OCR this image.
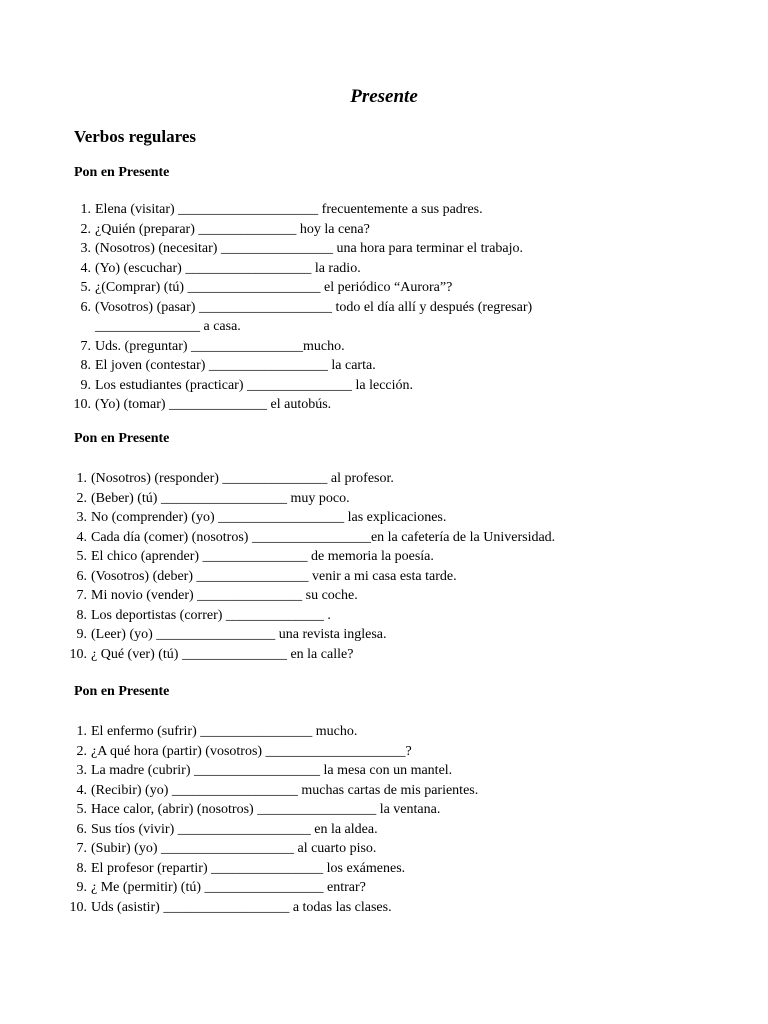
Presente
Verbos regulares
Pon en Presente
1. Elena (visitar) ____________________ frecuentemente a sus padres.
2. ¿Quién (preparar) ______________ hoy la cena?
3. (Nosotros) (necesitar) ________________ una hora para terminar el trabajo.
4. (Yo) (escuchar) __________________ la radio.
5. ¿(Comprar) (tú) ___________________ el periódico “Aurora”?
6. (Vosotros) (pasar) ___________________ todo el día allí y después (regresar)
_______________ a casa.
7. Uds. (preguntar) ________________mucho.
8. El joven (contestar) _________________ la carta.
9. Los estudiantes (practicar) _______________ la lección.
10. (Yo) (tomar) ______________ el autobús.
Pon en Presente
1. (Nosotros) (responder) _______________ al profesor.
2. (Beber) (tú) __________________ muy poco.
3. No (comprender) (yo) __________________ las explicaciones.
4. Cada día (comer) (nosotros) _________________en la cafetería de la Universidad.
5. El chico (aprender) _______________ de memoria la poesía.
6. (Vosotros) (deber) ________________ venir a mi casa esta tarde.
7. Mi novio (vender) _______________ su coche.
8. Los deportistas (correr) ______________ .
9. (Leer) (yo) _________________ una revista inglesa.
10. ¿ Qué (ver) (tú) _______________ en la calle?
Pon en Presente
1. El enfermo (sufrir) ________________ mucho.
2. ¿A qué hora (partir) (vosotros) ____________________?
3. La madre (cubrir) __________________ la mesa con un mantel.
4. (Recibir) (yo) __________________ muchas cartas de mis parientes.
5. Hace calor, (abrir) (nosotros) _________________ la ventana.
6. Sus tíos (vivir) ___________________ en la aldea.
7. (Subir) (yo) ___________________ al cuarto piso.
8. El profesor (repartir) ________________ los exámenes.
9. ¿ Me (permitir) (tú) _________________ entrar?
10. Uds (asistir) __________________ a todas las clases.
